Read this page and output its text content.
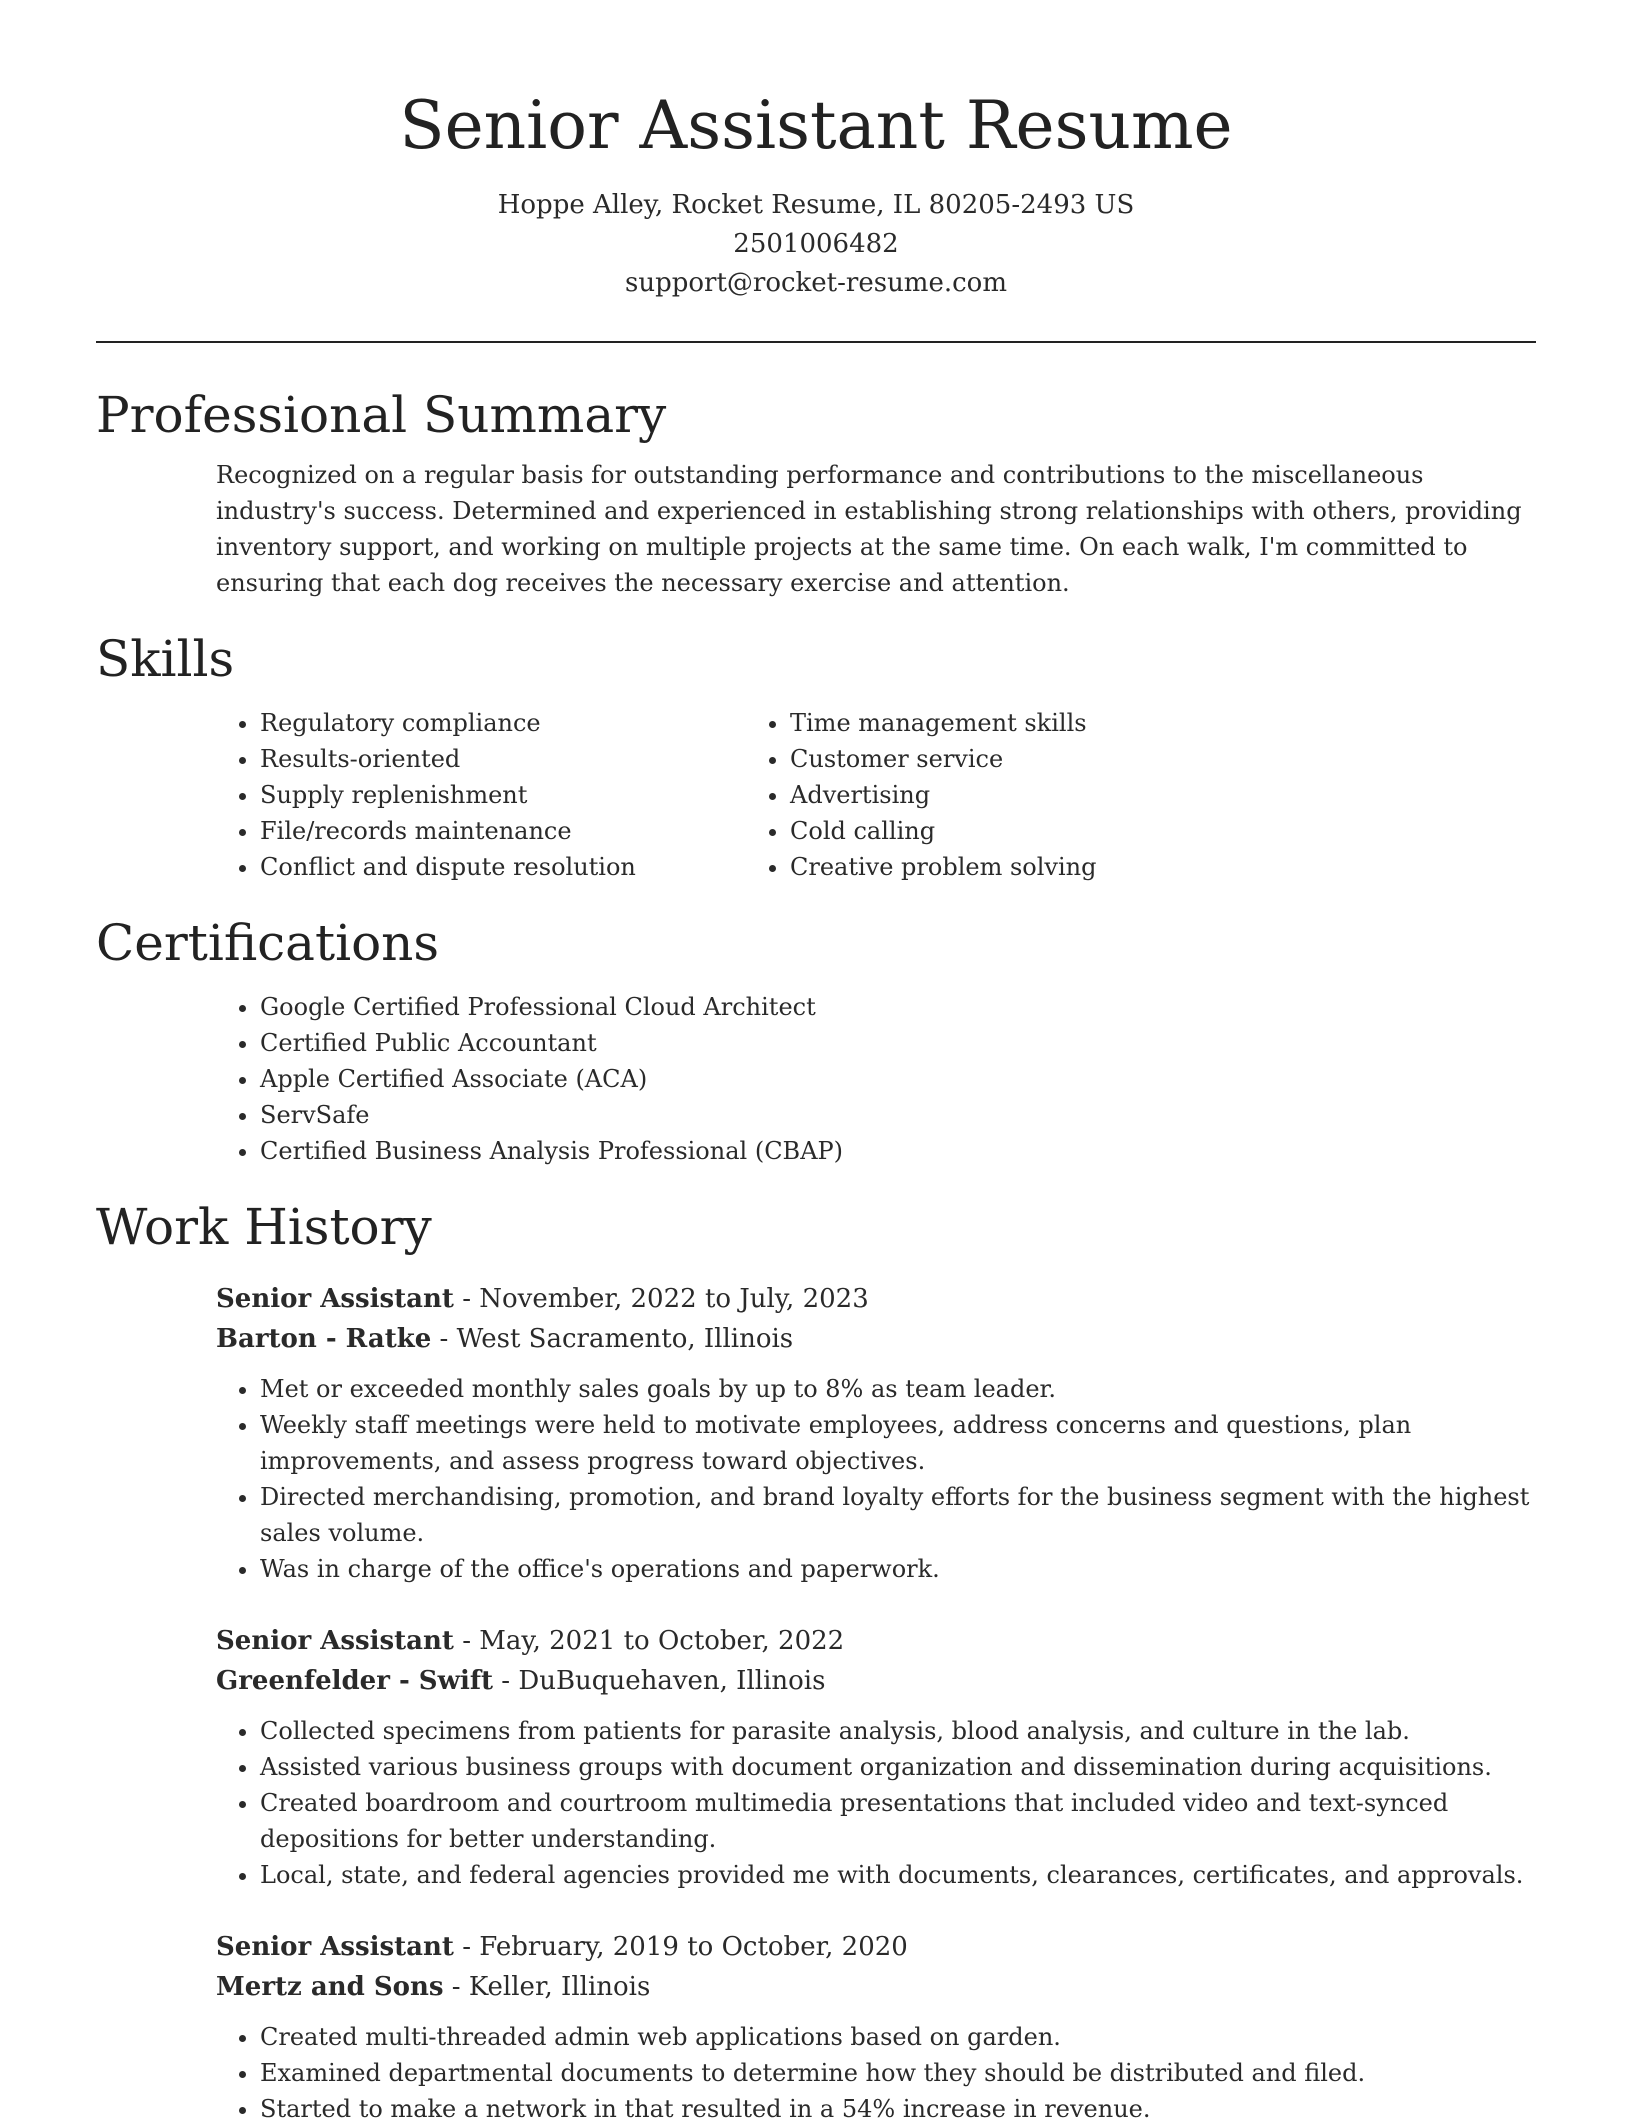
Senior Assistant Resume
Hoppe Alley, Rocket Resume, IL 80205-2493 US
2501006482
support@rocket-resume.com
Professional Summary

Recognized on a regular basis for outstanding performance and contributions to the miscellaneous industry's success. Determined and experienced in establishing strong relationships with others, providing inventory support, and working on multiple projects at the same time. On each walk, I'm committed to ensuring that each dog receives the necessary exercise and attention.

Skills
• Regulatory compliance
• Results-oriented
• Supply replenishment
• File/records maintenance
• Conflict and dispute resolution
• Time management skills
• Customer service
• Advertising
• Cold calling
• Creative problem solving
Certifications
• Google Certified Professional Cloud Architect
• Certified Public Accountant
• Apple Certified Associate (ACA)
• ServSafe
• Certified Business Analysis Professional (CBAP)
Work History
Senior Assistant - November, 2022 to July, 2023
Barton - Ratke - West Sacramento, Illinois
• Met or exceeded monthly sales goals by up to 8% as team leader.
• Weekly staff meetings were held to motivate employees, address concerns and questions, plan improvements, and assess progress toward objectives.
• Directed merchandising, promotion, and brand loyalty efforts for the business segment with the highest sales volume.
• Was in charge of the office's operations and paperwork.
Senior Assistant - May, 2021 to October, 2022
Greenfelder - Swift - DuBuquehaven, Illinois
• Collected specimens from patients for parasite analysis, blood analysis, and culture in the lab.
• Assisted various business groups with document organization and dissemination during acquisitions.
• Created boardroom and courtroom multimedia presentations that included video and text-synced depositions for better understanding.
• Local, state, and federal agencies provided me with documents, clearances, certificates, and approvals.
Senior Assistant - February, 2019 to October, 2020
Mertz and Sons - Keller, Illinois
• Created multi-threaded admin web applications based on garden.
• Examined departmental documents to determine how they should be distributed and filed.
• Started to make a network in that resulted in a 54% increase in revenue.
